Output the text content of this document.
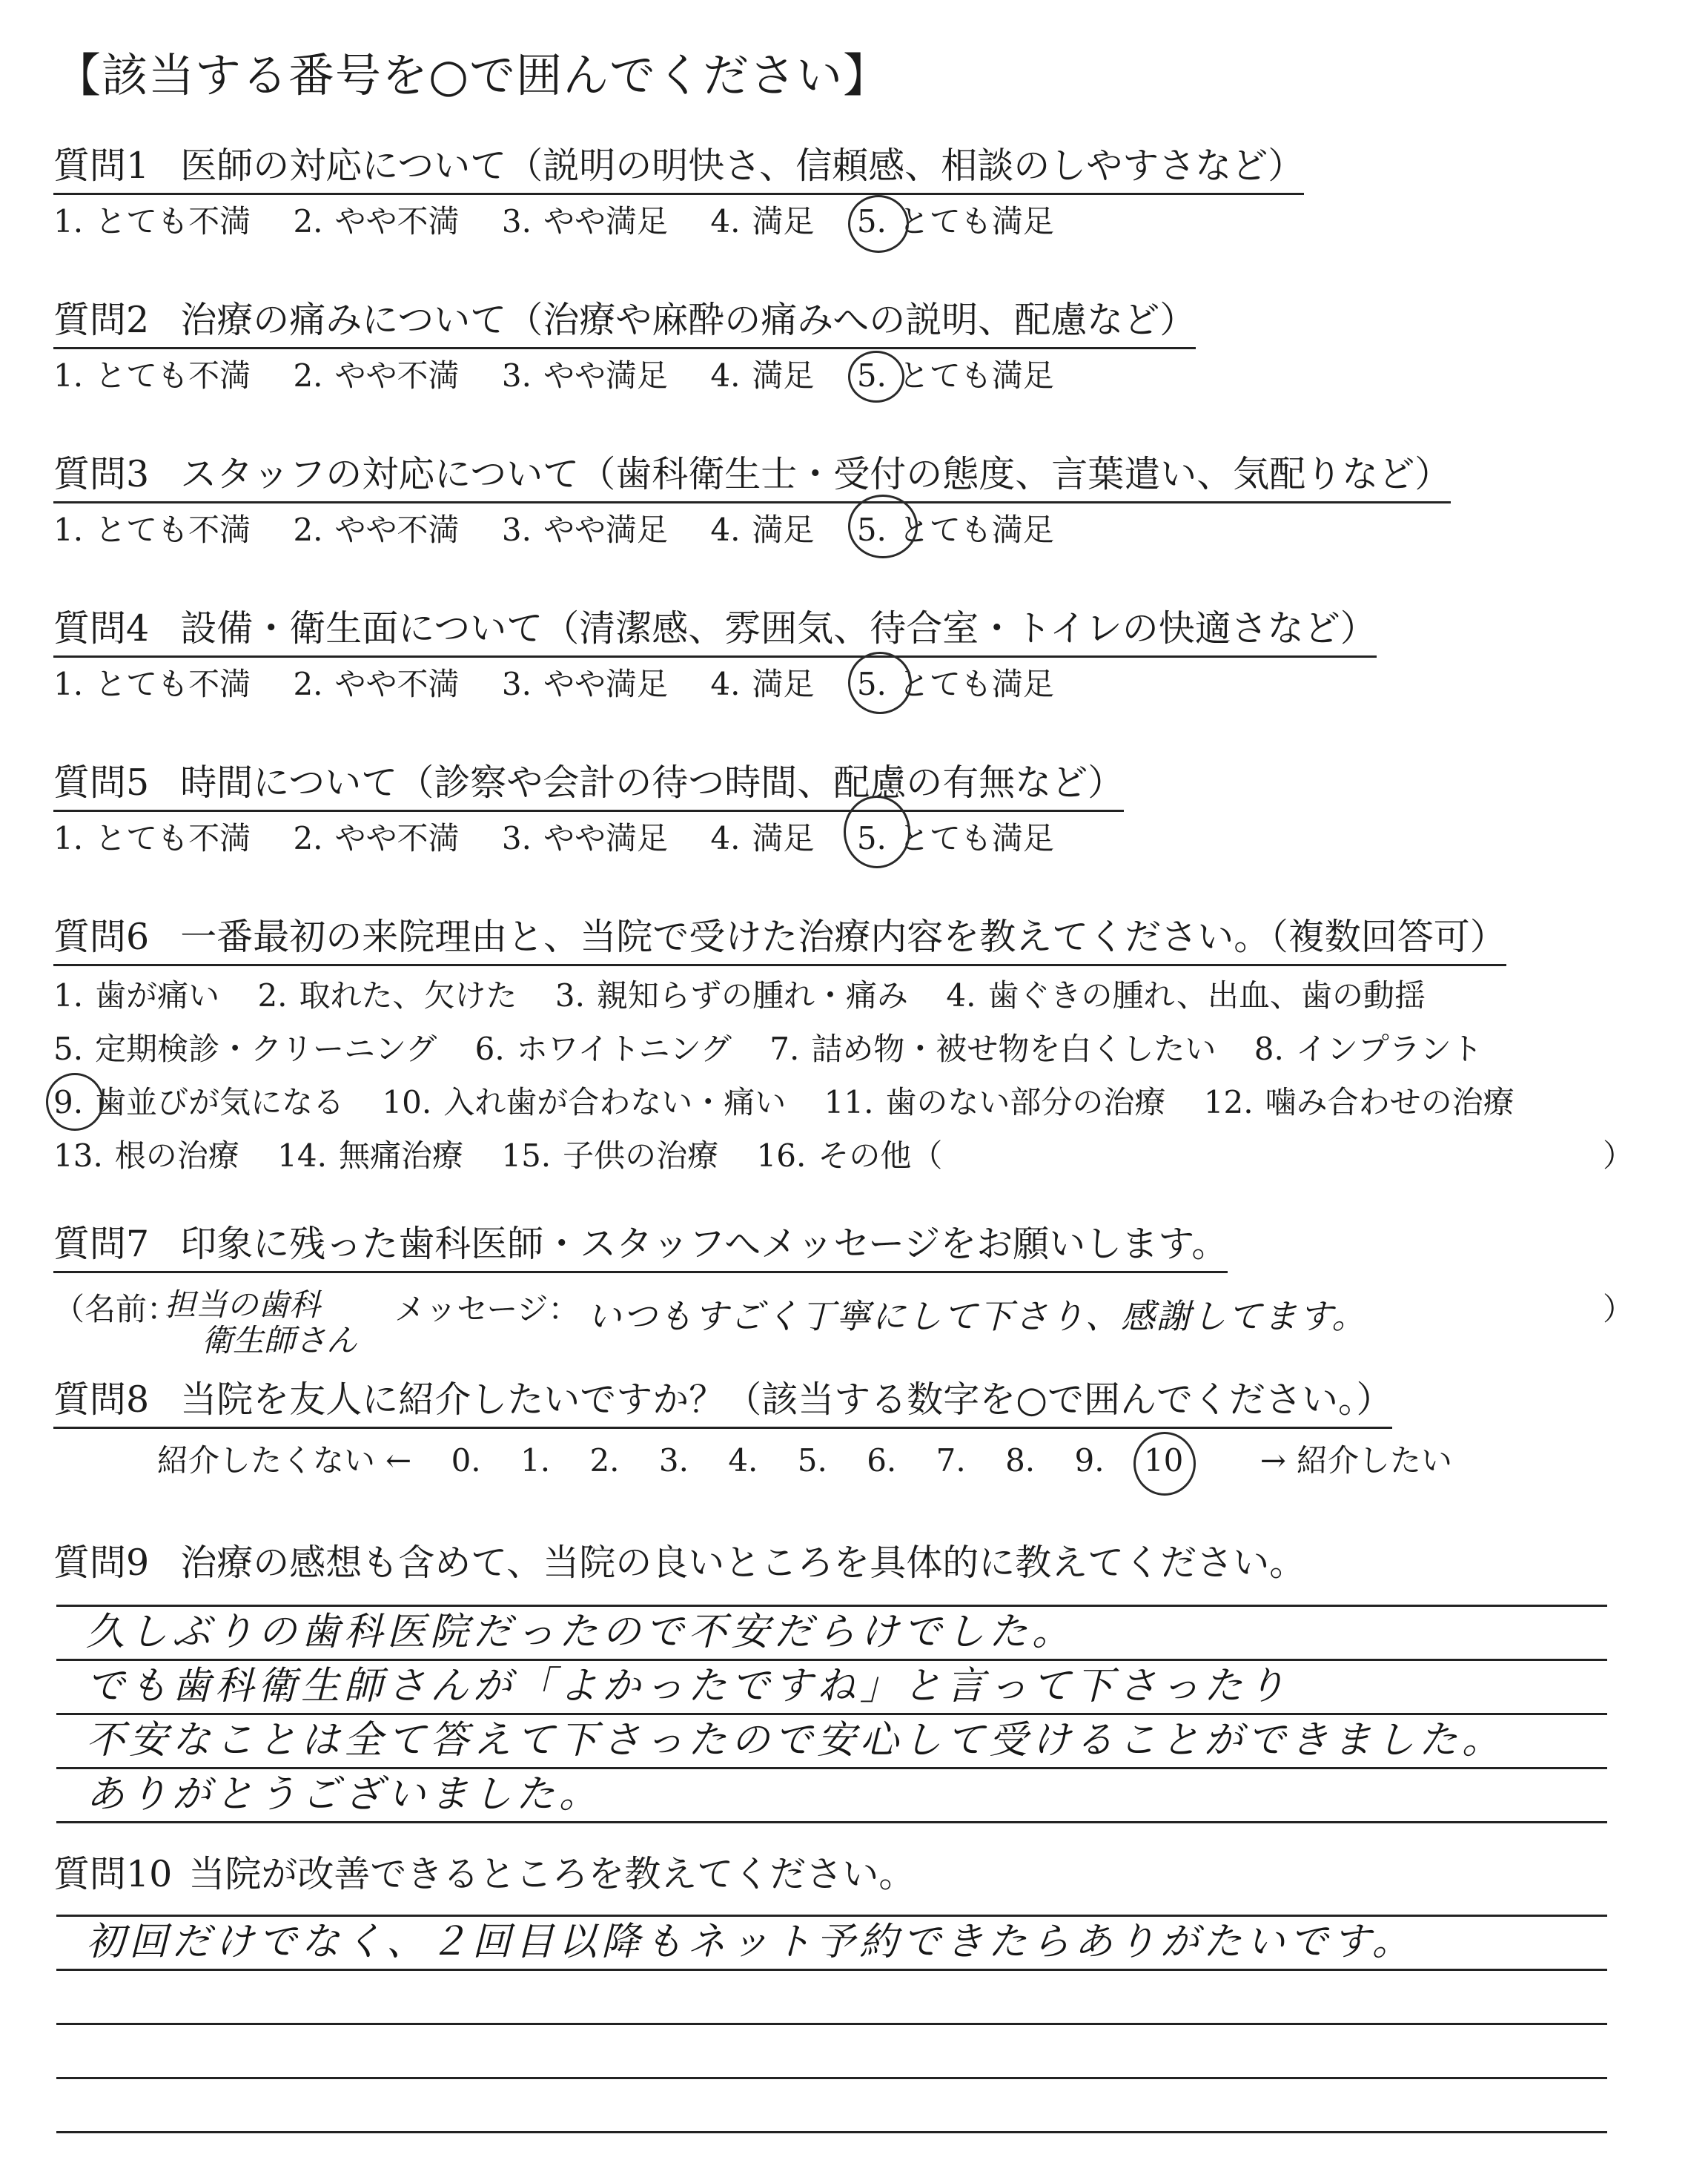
【該当する番号を○で囲んでください】
質問1 医師の対応について（説明の明快さ、信頼感、相談のしやすさなど）
1. とても不満 2. やや不満 3. やや満足 4. 満足 5. とても満足
質問2 治療の痛みについて（治療や麻酔の痛みへの説明、配慮など）
1. とても不満 2. やや不満 3. やや満足 4. 満足 5. とても満足
質問3 スタッフの対応について（歯科衛生士・受付の態度、言葉遣い、気配りなど）
1. とても不満 2. やや不満 3. やや満足 4. 満足 5. とても満足
質問4 設備・衛生面について（清潔感、雰囲気、待合室・トイレの快適さなど）
1. とても不満 2. やや不満 3. やや満足 4. 満足 5. とても満足
質問5 時間について（診察や会計の待つ時間、配慮の有無など）
1. とても不満 2. やや不満 3. やや満足 4. 満足 5. とても満足
質問6 一番最初の来院理由と、当院で受けた治療内容を教えてください。（複数回答可）
1. 歯が痛い 2. 取れた、欠けた 3. 親知らずの腫れ・痛み 4. 歯ぐきの腫れ、出血、歯の動揺
5. 定期検診・クリーニング 6. ホワイトニング 7. 詰め物・被せ物を白くしたい 8. インプラント
9. 歯並びが気になる 10. 入れ歯が合わない・痛い 11. 歯のない部分の治療 12. 噛み合わせの治療
13. 根の治療 14. 無痛治療 15. 子供の治療 16. その他（	）
質問7 印象に残った歯科医師・スタッフへメッセージをお願いします。
（名前：
担当の歯科
衛生師さん
メッセージ： いつもすごく丁寧にして下さり、感謝してます。	）
質問8 当院を友人に紹介したいですか？（該当する数字を○で囲んでください。）
紹介したくない ← 0. 1. 2. 3. 4. 5. 6. 7. 8. 9. 10 → 紹介したい
質問9 治療の感想も含めて、当院の良いところを具体的に教えてください。
久しぶりの歯科医院だったので不安だらけでした。
でも歯科衛生師さんが「よかったですね」と言って下さったり
不安なことは全て答えて下さったので安心して受けることができました。
ありがとうございました。
質問10 当院が改善できるところを教えてください。
初回だけでなく、２回目以降もネット予約できたらありがたいです。
